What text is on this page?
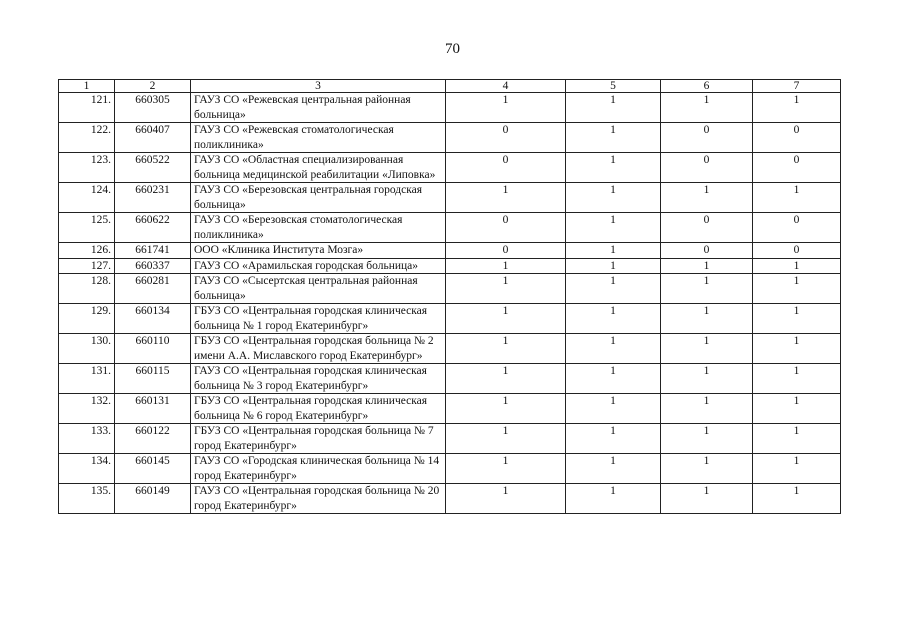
70
1	2	3	4	5	6	7
121.	660305	ГАУЗ СО «Режевская центральная районная больница»	1	1	1	1
122.	660407	ГАУЗ СО «Режевская стоматологическая поликлиника»	0	1	0	0
123.	660522	ГАУЗ СО «Областная специализированная больница медицинской реабилитации «Липовка»	0	1	0	0
124.	660231	ГАУЗ СО «Березовская центральная городская больница»	1	1	1	1
125.	660622	ГАУЗ СО «Березовская стоматологическая поликлиника»	0	1	0	0
126.	661741	ООО «Клиника Института Мозга»	0	1	0	0
127.	660337	ГАУЗ СО «Арамильская городская больница»	1	1	1	1
128.	660281	ГАУЗ СО «Сысертская центральная районная больница»	1	1	1	1
129.	660134	ГБУЗ СО «Центральная городская клиническая больница № 1 город Екатеринбург»	1	1	1	1
130.	660110	ГБУЗ СО «Центральная городская больница № 2 имени А.А. Миславского город Екатеринбург»	1	1	1	1
131.	660115	ГАУЗ СО «Центральная городская клиническая больница № 3 город Екатеринбург»	1	1	1	1
132.	660131	ГБУЗ СО «Центральная городская клиническая больница № 6 город Екатеринбург»	1	1	1	1
133.	660122	ГБУЗ СО «Центральная городская больница № 7 город Екатеринбург»	1	1	1	1
134.	660145	ГАУЗ СО «Городская клиническая больница № 14 город Екатеринбург»	1	1	1	1
135.	660149	ГАУЗ СО «Центральная городская больница № 20 город Екатеринбург»	1	1	1	1
